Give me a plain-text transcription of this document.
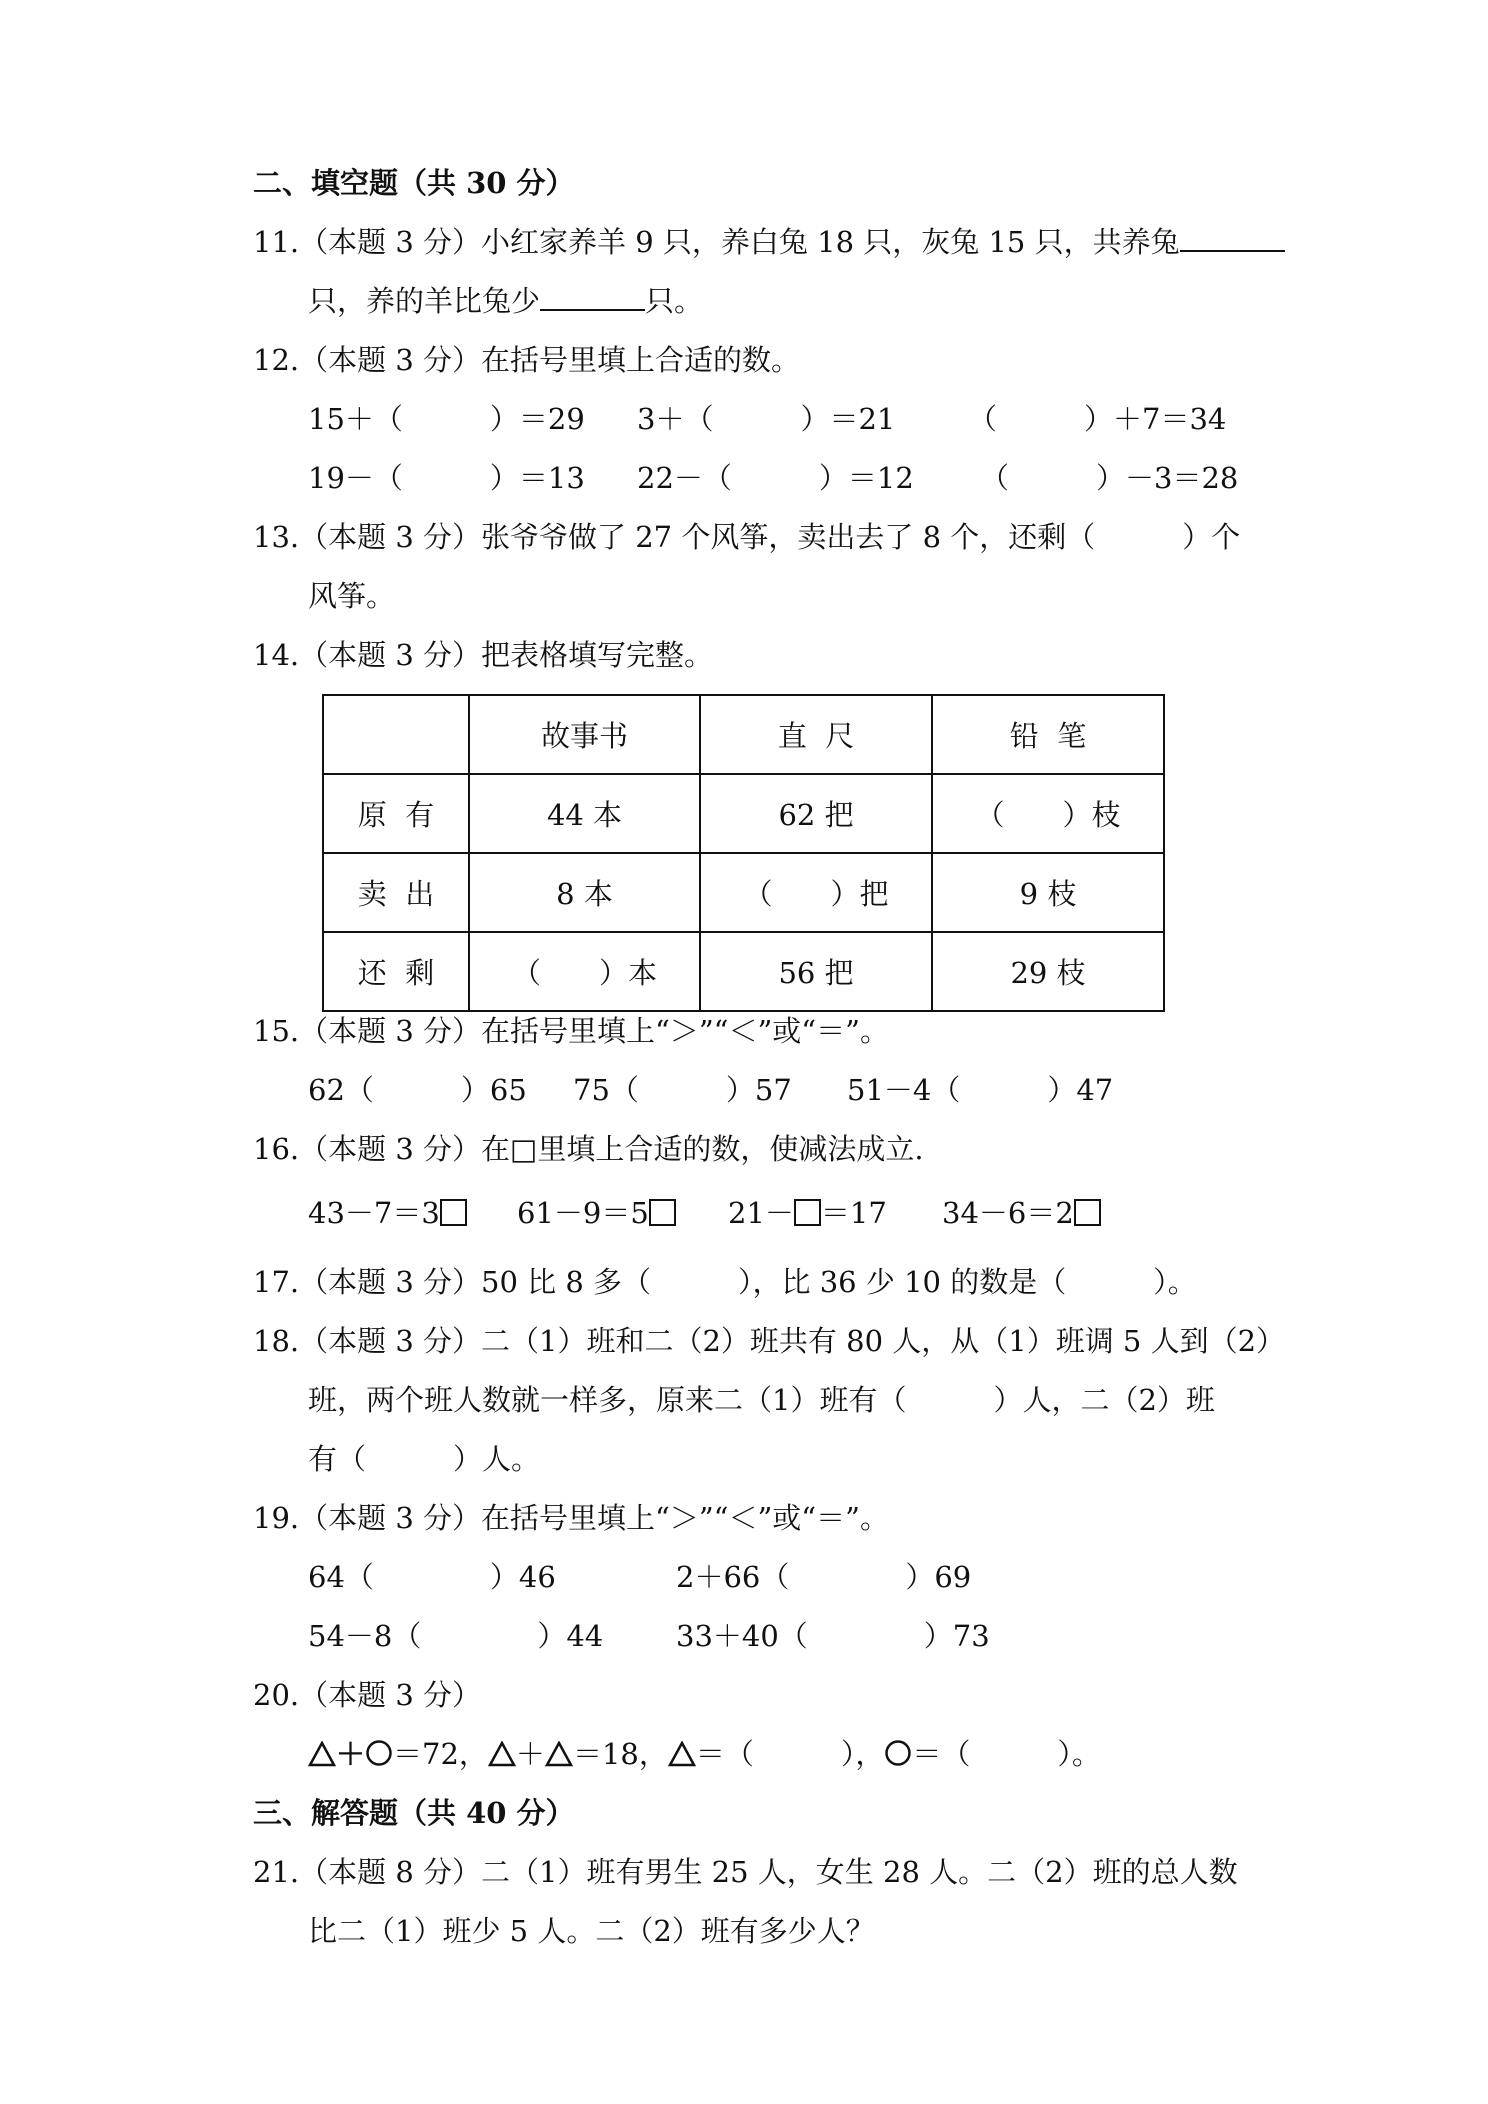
二、填空题（共 30 分）
11.（本题 3 分）小红家养羊 9 只，养白兔 18 只，灰兔 15 只，共养兔
只，养的羊比兔少	只。
12.（本题 3 分）在括号里填上合适的数。
15＋（　　　）＝29 3＋（　　　）＝21	（　　　）＋7＝34
19－（　　　）＝13 22－（　　　）＝12 （　　　）－3＝28
13.（本题 3 分）张爷爷做了 27 个风筝，卖出去了 8 个，还剩（　　　）个
风筝。
14.（本题 3 分）把表格填写完整。
	故事书	直  尺	铅  笔
原  有	44 本	62 把	（　　）枝
卖  出	8 本	（　　）把	9 枝
还  剩	（　　）本	56 把	29 枝
15.（本题 3 分）在括号里填上“＞”“＜”或“＝”。
62（　　　）65 75（　　　）57 51－4（　　　）47
16.（本题 3 分）在□里填上合适的数，使减法成立.
43－7＝3	61－9＝5	21－ ＝17 34－6＝2
17.（本题 3 分）50 比 8 多（　　　），比 36 少 10 的数是（　　　）。
18.（本题 3 分）二（1）班和二（2）班共有 80 人，从（1）班调 5 人到（2）
班，两个班人数就一样多，原来二（1）班有（　　　）人，二（2）班
有（　　　）人。
19.（本题 3 分）在括号里填上“＞”“＜”或“＝”。
64（　　　　）46	2＋66（　　　　）69
54－8（　　　　）44	33＋40（　　　　）73
20.（本题 3 分）
＋ ＝72， ＋ ＝18， ＝（　　　）， ＝（　　　）。
三、解答题（共 40 分）
21.（本题 8 分）二（1）班有男生 25 人，女生 28 人。二（2）班的总人数
比二（1）班少 5 人。二（2）班有多少人？
